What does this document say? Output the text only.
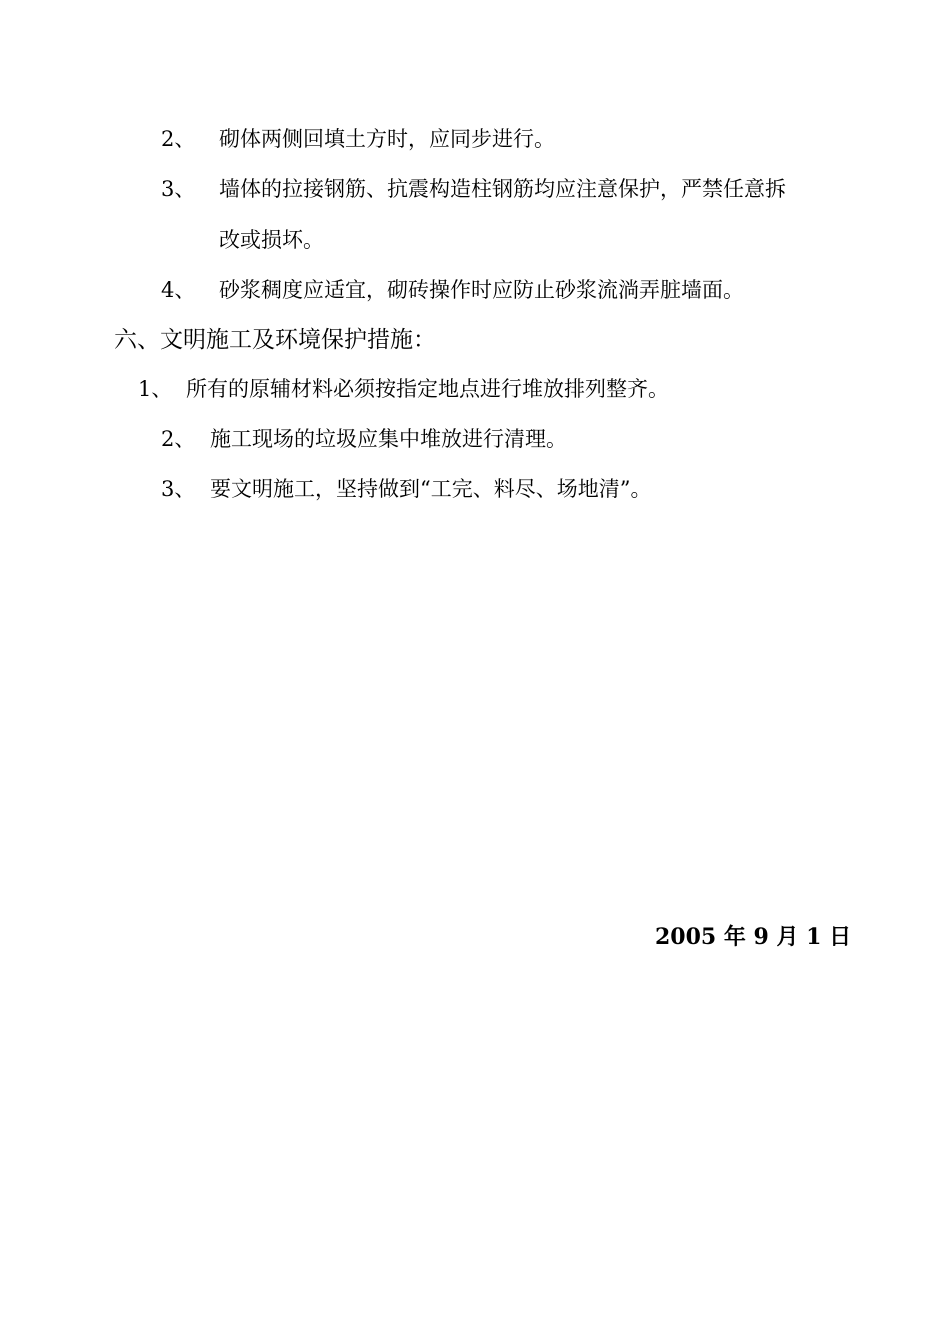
2、 砌体两侧回填土方时，应同步进行。
3、 墙体的拉接钢筋、抗震构造柱钢筋均应注意保护，严禁任意拆
改或损坏。
4、 砂浆稠度应适宜，砌砖操作时应防止砂浆流淌弄脏墙面。
六、文明施工及环境保护措施：
1、 所有的原辅材料必须按指定地点进行堆放排列整齐。
2、 施工现场的垃圾应集中堆放进行清理。
3、 要文明施工，坚持做到“工完、料尽、场地清”。
2005 年 9 月 1 日
